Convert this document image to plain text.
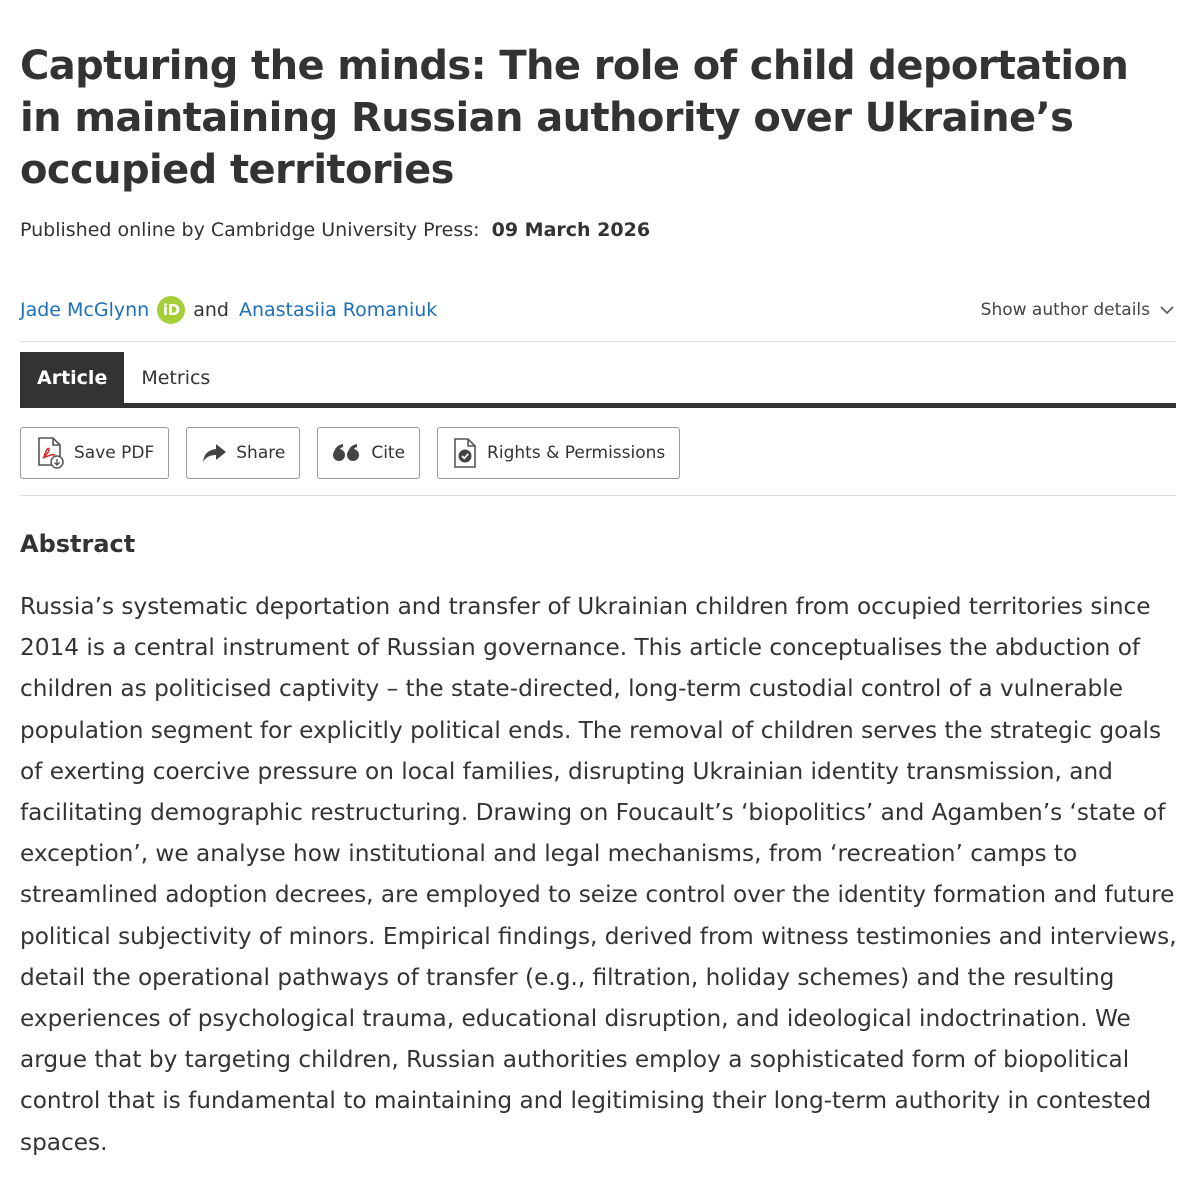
Capturing the minds: The role of child deportation in maintaining Russian authority over Ukraine’s occupied territories
Published online by Cambridge University Press: 09 March 2026
Jade McGlynn iD and Anastasiia Romaniuk	Show author details
Article Metrics
Save PDF	Share	Cite	Rights & Permissions
Abstract

Russia’s systematic deportation and transfer of Ukrainian children from occupied territories since 2014 is a central instrument of Russian governance. This article conceptualises the abduction of children as politicised captivity – the state-directed, long-term custodial control of a vulnerable population segment for explicitly political ends. The removal of children serves the strategic goals of exerting coercive pressure on local families, disrupting Ukrainian identity transmission, and facilitating demographic restructuring. Drawing on Foucault’s ‘biopolitics’ and Agamben’s ‘state of exception’, we analyse how institutional and legal mechanisms, from ‘recreation’ camps to streamlined adoption decrees, are employed to seize control over the identity formation and future political subjectivity of minors. Empirical findings, derived from witness testimonies and interviews, detail the operational pathways of transfer (e.g., filtration, holiday schemes) and the resulting experiences of psychological trauma, educational disruption, and ideological indoctrination. We argue that by targeting children, Russian authorities employ a sophisticated form of biopolitical control that is fundamental to maintaining and legitimising their long-term authority in contested spaces.
